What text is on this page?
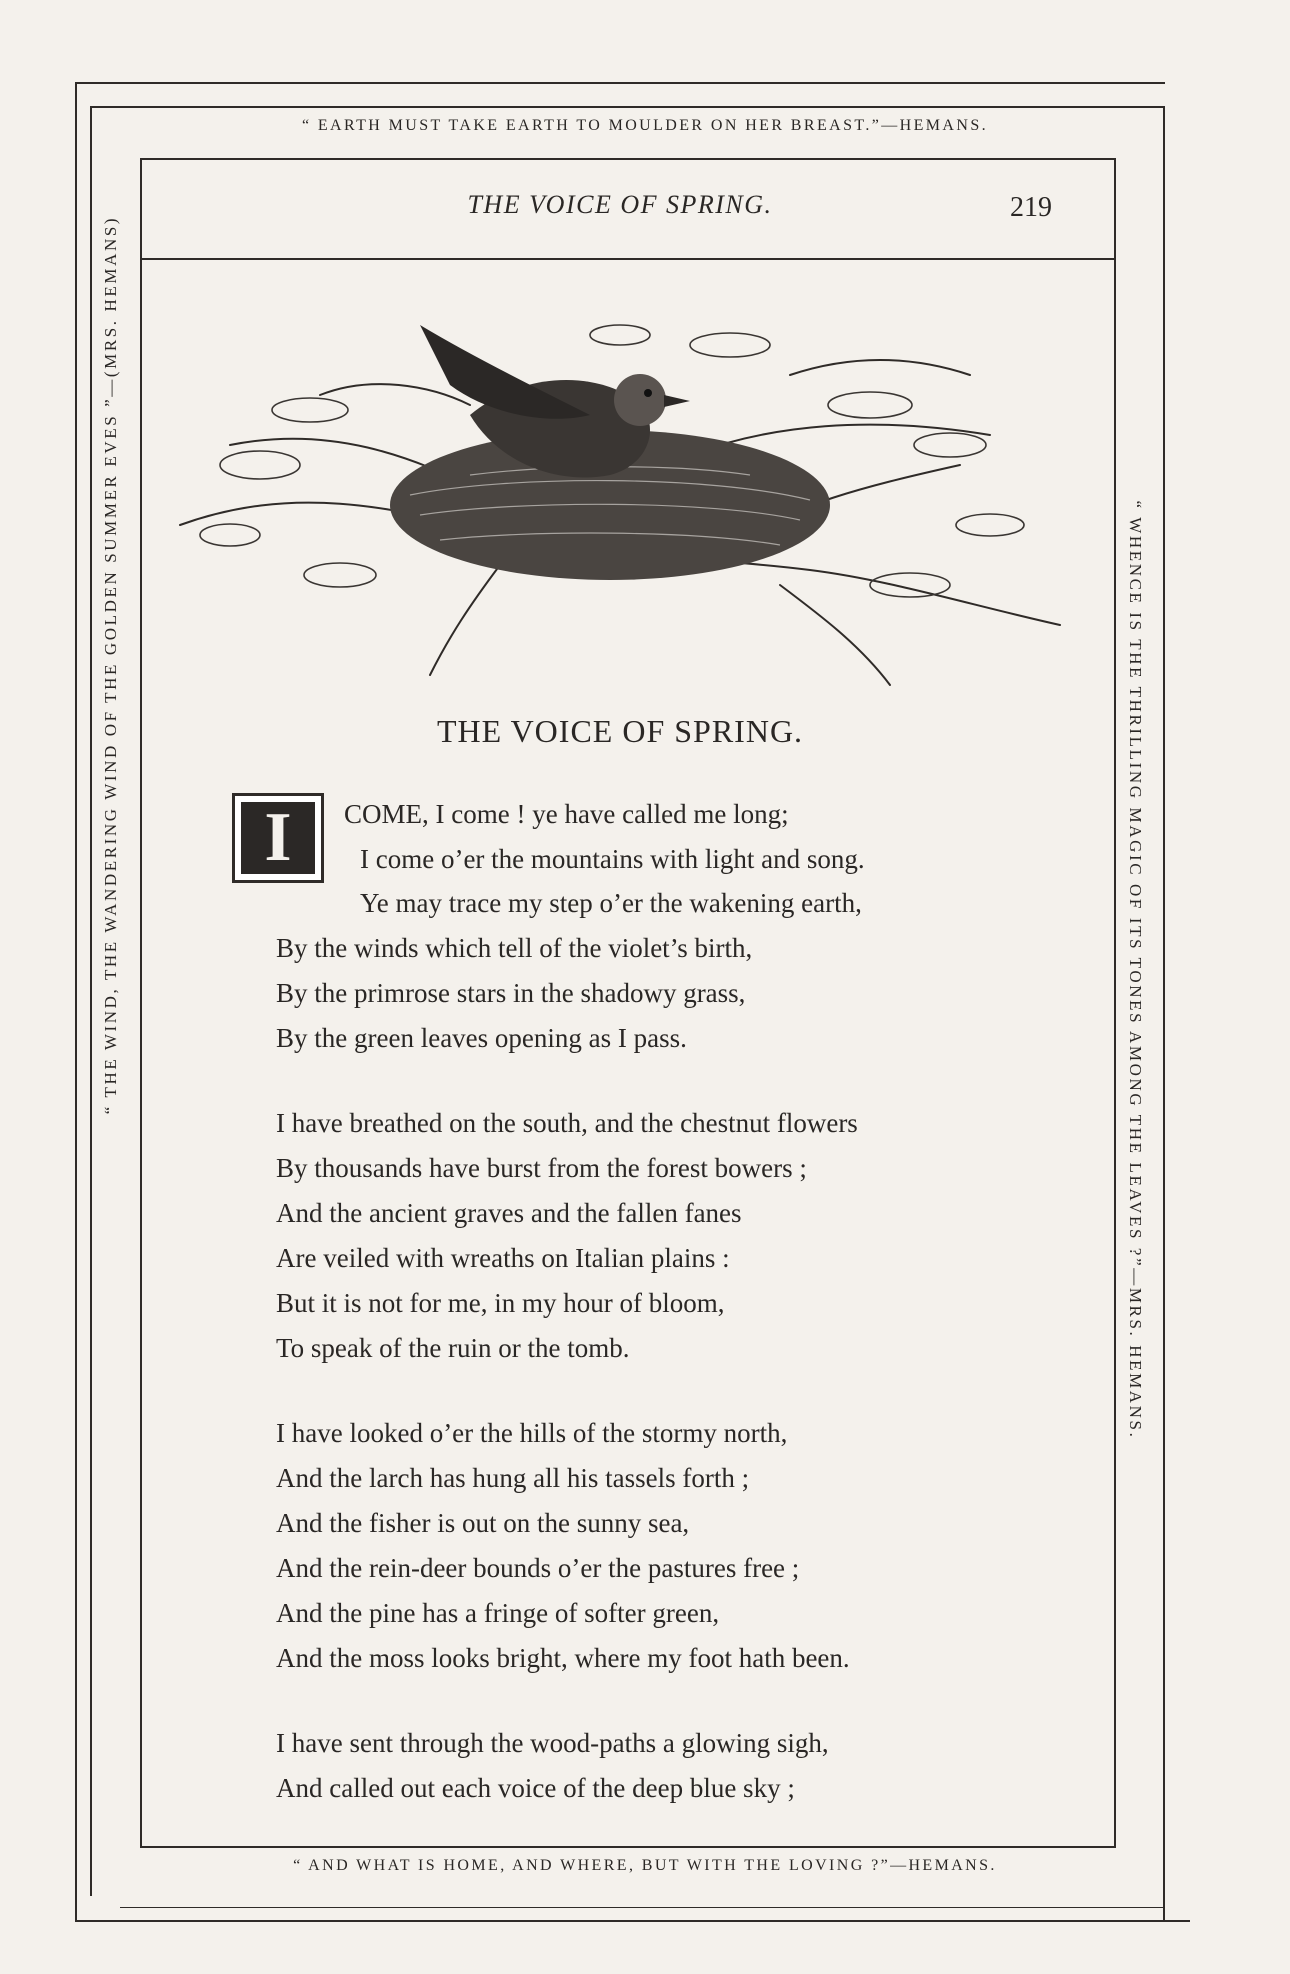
“ EARTH MUST TAKE EARTH TO MOULDER ON HER BREAST.”—HEMANS.
“ AND WHAT IS HOME, AND WHERE, BUT WITH THE LOVING ?”—HEMANS.
“ THE WIND, THE WANDERING WIND OF THE GOLDEN SUMMER EVES ”—(MRS. HEMANS)	“ WHENCE IS THE THRILLING MAGIC OF ITS TONES AMONG THE LEAVES ?”—MRS. HEMANS.
THE VOICE OF SPRING.	219
THE VOICE OF SPRING.
I COME, I come ! ye have called me long;
I come o’er the mountains with light and song.
Ye may trace my step o’er the wakening earth,
By the winds which tell of the violet’s birth,
By the primrose stars in the shadowy grass,
By the green leaves opening as I pass.
I have breathed on the south, and the chestnut flowers
By thousands have burst from the forest bowers ;
And the ancient graves and the fallen fanes
Are veiled with wreaths on Italian plains :
But it is not for me, in my hour of bloom,
To speak of the ruin or the tomb.
I have looked o’er the hills of the stormy north,
And the larch has hung all his tassels forth ;
And the fisher is out on the sunny sea,
And the rein-deer bounds o’er the pastures free ;
And the pine has a fringe of softer green,
And the moss looks bright, where my foot hath been.
I have sent through the wood-paths a glowing sigh,
And called out each voice of the deep blue sky ;
